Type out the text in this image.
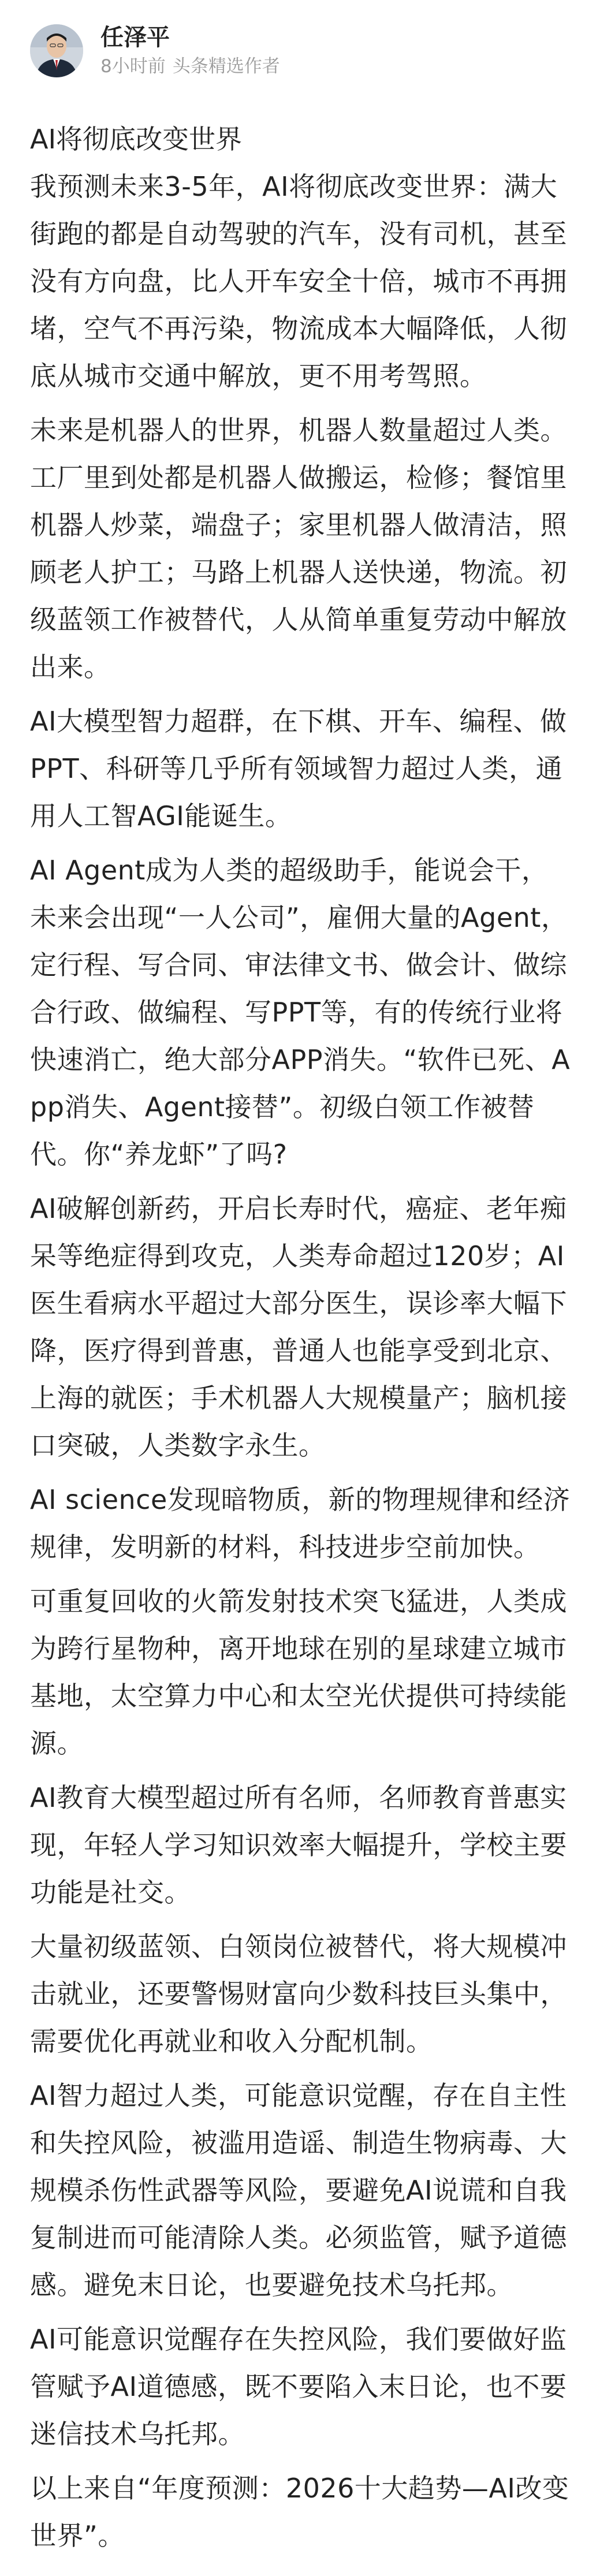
任泽平
8小时前 头条精选作者
AI将彻底改变世界

我预测未来3-5年，AI将彻底改变世界：满大街跑的都是自动驾驶的汽车，没有司机，甚至没有方向盘，比人开车安全十倍，城市不再拥堵，空气不再污染，物流成本大幅降低，人彻底从城市交通中解放，更不用考驾照。

未来是机器人的世界，机器人数量超过人类。工厂里到处都是机器人做搬运，检修；餐馆里机器人炒菜，端盘子；家里机器人做清洁，照顾老人护工；马路上机器人送快递，物流。初级蓝领工作被替代，人从简单重复劳动中解放出来。

AI大模型智力超群，在下棋、开车、编程、做PPT、科研等几乎所有领域智力超过人类，通用人工智AGI能诞生。

AI Agent成为人类的超级助手，能说会干，未来会出现“一人公司”，雇佣大量的Agent，定行程、写合同、审法律文书、做会计、做综合行政、做编程、写PPT等，有的传统行业将快速消亡，绝大部分APP消失。“软件已死、App消失、Agent接替”。初级白领工作被替代。你“养龙虾”了吗?

AI破解创新药，开启长寿时代，癌症、老年痴呆等绝症得到攻克，人类寿命超过120岁；AI医生看病水平超过大部分医生，误诊率大幅下降，医疗得到普惠，普通人也能享受到北京、上海的就医；手术机器人大规模量产；脑机接口突破，人类数字永生。

AI science发现暗物质，新的物理规律和经济规律，发明新的材料，科技进步空前加快。

可重复回收的火箭发射技术突飞猛进，人类成为跨行星物种，离开地球在别的星球建立城市基地，太空算力中心和太空光伏提供可持续能源。

AI教育大模型超过所有名师，名师教育普惠实现，年轻人学习知识效率大幅提升，学校主要功能是社交。

大量初级蓝领、白领岗位被替代，将大规模冲击就业，还要警惕财富向少数科技巨头集中，需要优化再就业和收入分配机制。

AI智力超过人类，可能意识觉醒，存在自主性和失控风险，被滥用造谣、制造生物病毒、大规模杀伤性武器等风险，要避免AI说谎和自我复制进而可能清除人类。必须监管，赋予道德感。避免末日论，也要避免技术乌托邦。

AI可能意识觉醒存在失控风险，我们要做好监管赋予AI道德感，既不要陷入末日论，也不要迷信技术乌托邦。

以上来自“年度预测：2026十大趋势—AI改变世界”。
